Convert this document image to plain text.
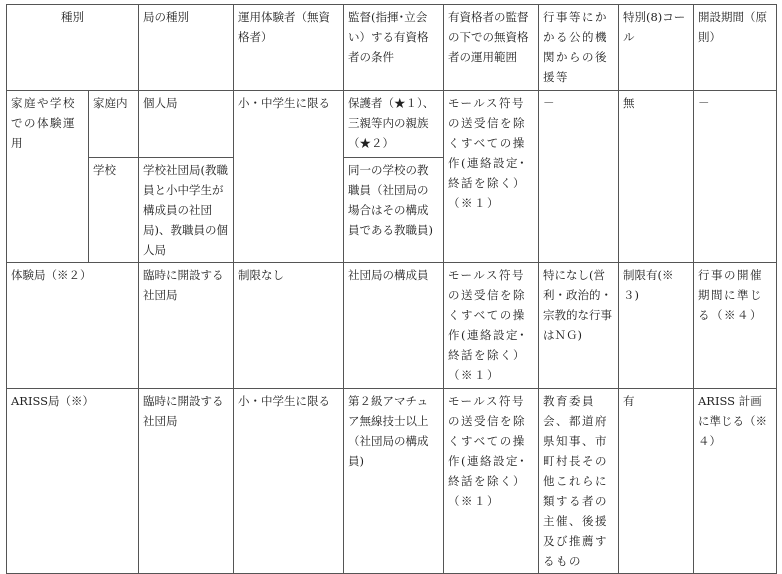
種別		局の種別	運用体験者（無資格者）	監督(指揮･立会い）する有資格者の条件	有資格者の監督の下での無資格者の運用範囲	行事等にかかる公的機関からの後援等	特別(8)コール	開設期間（原則）
家庭や学校での体験運用	家庭内	個人局	小・中学生に限る	保護者（★１）、三親等内の親族（★２）	モールス符号の送受信を除くすべての操作(連絡設定･終話を除く）（※１）	－	無	－
	学校	学校社団局(教職員と小中学生が構成員の社団局)、教職員の個人局		同一の学校の教職員（社団局の場合はその構成員である教職員)				
体験局（※２）		臨時に開設する社団局	制限なし	社団局の構成員	モールス符号の送受信を除くすべての操作(連絡設定･終話を除く）（※１）	特になし(営利・政治的・宗教的な行事はＮＧ)	制限有(※３)	行事の開催期間に準じる（※４）
ARISS局（※）		臨時に開設する社団局	小・中学生に限る	第２級アマチュア無線技士以上（社団局の構成員)	モールス符号の送受信を除くすべての操作(連絡設定･終話を除く）（※１）	教育委員会、都道府県知事、市町村長その他これらに類する者の主催、後援及び推薦するもの	有	ARISS 計画に準じる（※４）
